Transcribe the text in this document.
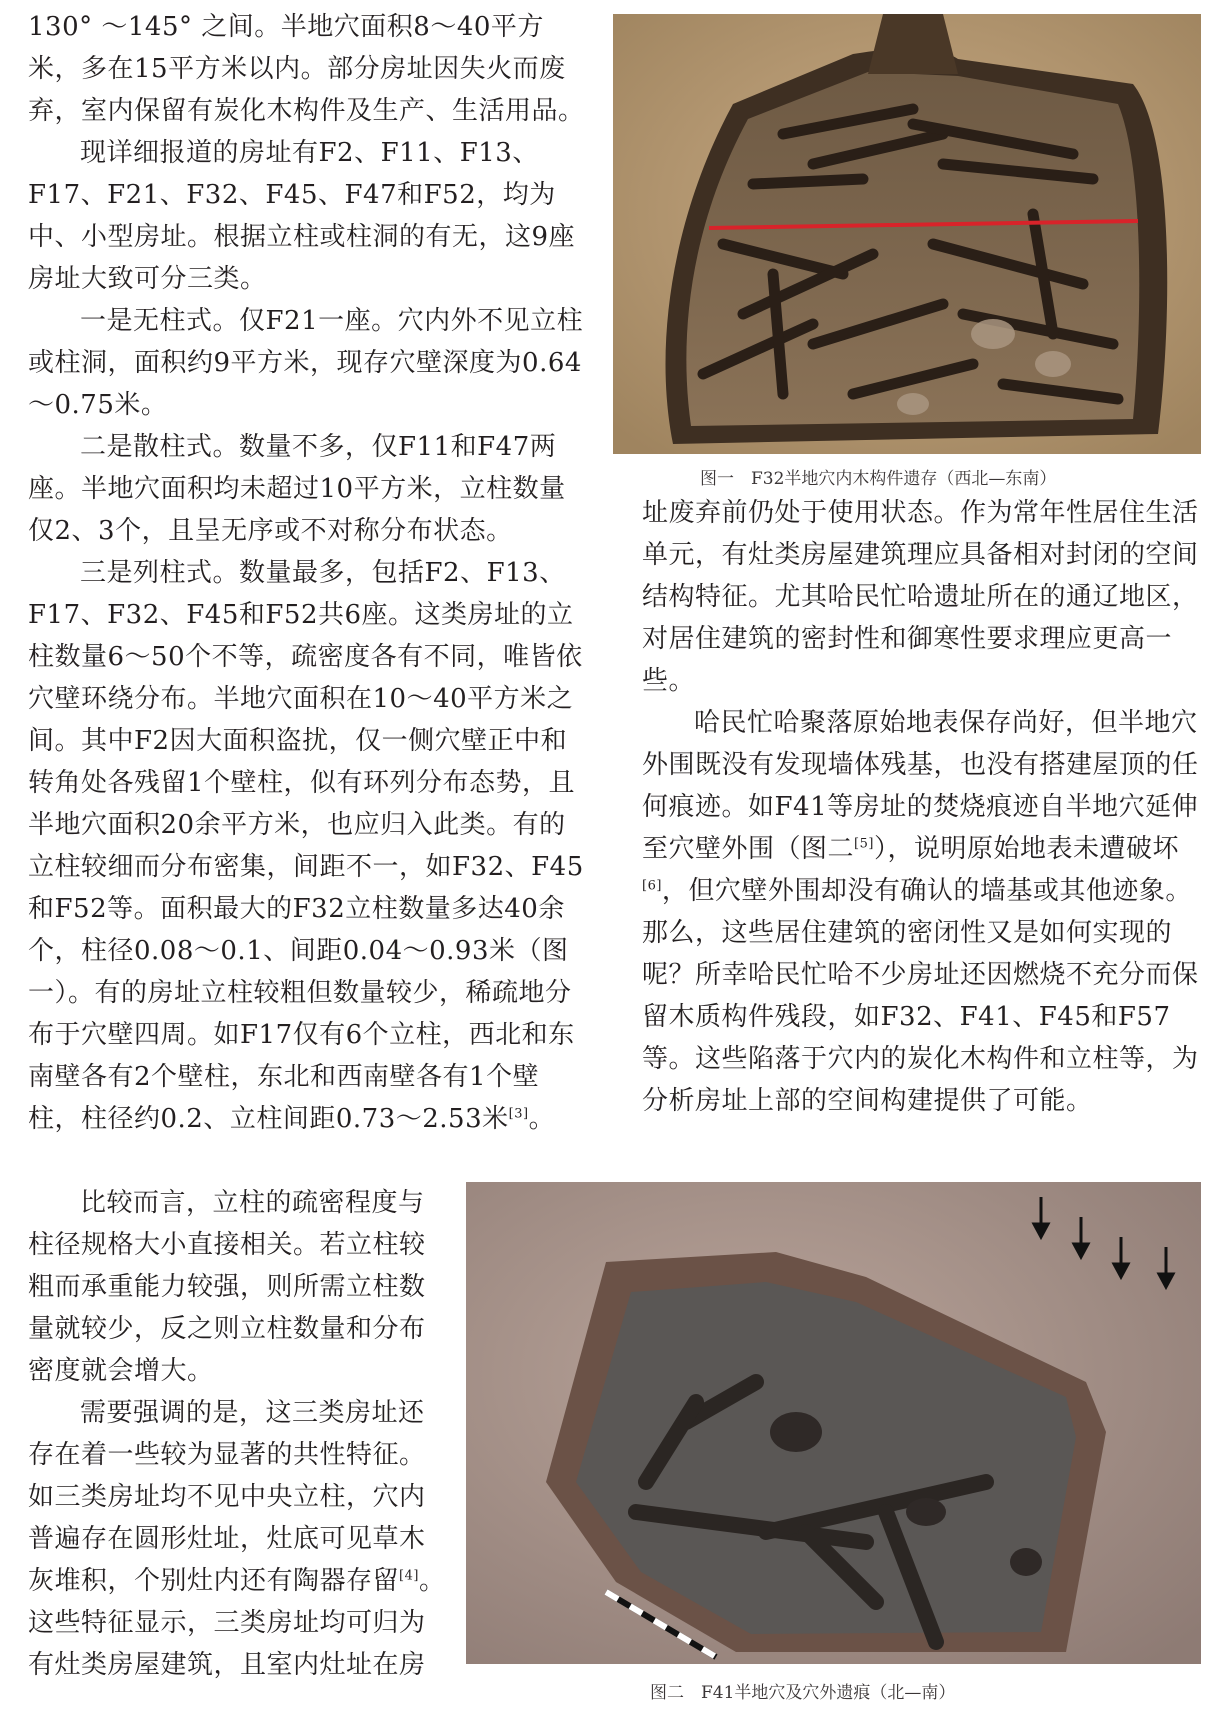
130° ～145° 之间。半地穴面积8～40平方米，多在15平方米以内。部分房址因失火而废弃，室内保留有炭化木构件及生产、生活用品。

现详细报道的房址有F2、F11、F13、F17、F21、F32、F45、F47和F52，均为中、小型房址。根据立柱或柱洞的有无，这9座房址大致可分三类。

一是无柱式。仅F21一座。穴内外不见立柱或柱洞，面积约9平方米，现存穴壁深度为0.64～0.75米。

二是散柱式。数量不多，仅F11和F47两座。半地穴面积均未超过10平方米，立柱数量仅2、3个，且呈无序或不对称分布状态。

三是列柱式。数量最多，包括F2、F13、F17、F32、F45和F52共6座。这类房址的立柱数量6～50个不等，疏密度各有不同，唯皆依穴壁环绕分布。半地穴面积在10～40平方米之间。其中F2因大面积盗扰，仅一侧穴壁正中和转角处各残留1个壁柱，似有环列分布态势，且半地穴面积20余平方米，也应归入此类。有的立柱较细而分布密集，间距不一，如F32、F45和F52等。面积最大的F32立柱数量多达40余个，柱径0.08～0.1、间距0.04～0.93米（图一）。有的房址立柱较粗但数量较少，稀疏地分布于穴壁四周。如F17仅有6个立柱，西北和东南壁各有2个壁柱，东北和西南壁各有1个壁柱，柱径约0.2、立柱间距0.73～2.53米[3]。

比较而言，立柱的疏密程度与柱径规格大小直接相关。若立柱较粗而承重能力较强，则所需立柱数量就较少，反之则立柱数量和分布密度就会增大。

需要强调的是，这三类房址还存在着一些较为显著的共性特征。如三类房址均不见中央立柱，穴内普遍存在圆形灶址，灶底可见草木灰堆积，个别灶内还有陶器存留[4]。这些特征显示，三类房址均可归为有灶类房屋建筑，且室内灶址在房

址废弃前仍处于使用状态。作为常年性居住生活单元，有灶类房屋建筑理应具备相对封闭的空间结构特征。尤其哈民忙哈遗址所在的通辽地区，对居住建筑的密封性和御寒性要求理应更高一些。

哈民忙哈聚落原始地表保存尚好，但半地穴外围既没有发现墙体残基，也没有搭建屋顶的任何痕迹。如F41等房址的焚烧痕迹自半地穴延伸至穴壁外围（图二[5]），说明原始地表未遭破坏[6]，但穴壁外围却没有确认的墙基或其他迹象。那么，这些居住建筑的密闭性又是如何实现的呢？所幸哈民忙哈不少房址还因燃烧不充分而保留木质构件残段，如F32、F41、F45和F57等。这些陷落于穴内的炭化木构件和立柱等，为分析房址上部的空间构建提供了可能。

图一　F32半地穴内木构件遗存（西北—东南）
图二　F41半地穴及穴外遗痕（北—南）
